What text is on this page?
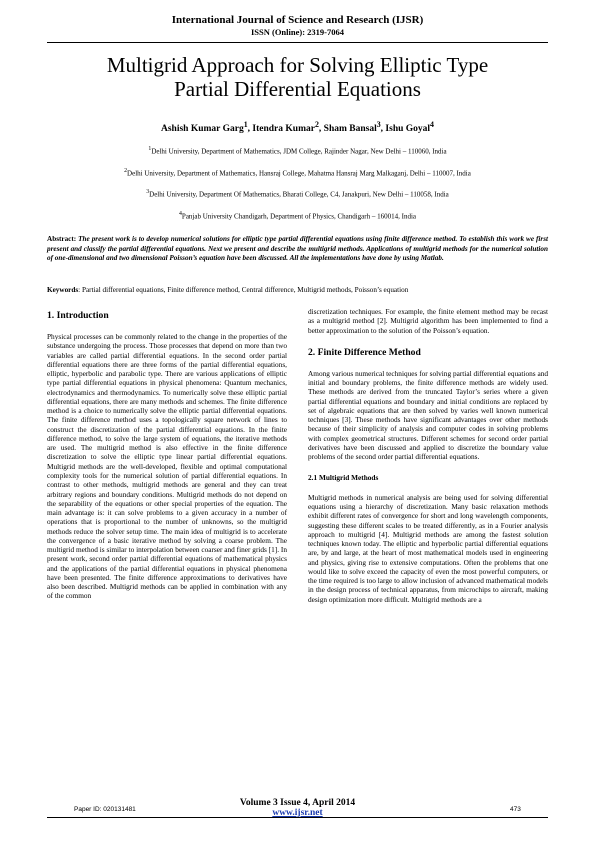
International Journal of Science and Research (IJSR)
ISSN (Online): 2319-7064
Multigrid Approach for Solving Elliptic Type
Partial Differential Equations
Ashish Kumar Garg$^1$, Itendra Kumar$^2$, Sham Bansal$^3$, Ishu Goyal$^4$
$^1$Delhi University, Department of Mathematics, JDM College, Rajinder Nagar, New Delhi – 110060, India
$^2$Delhi University, Department of Mathematics, Hansraj College, Mahatma Hansraj Marg Malkaganj, Delhi – 110007, India
$^3$Delhi University, Department Of Mathematics, Bharati College, C4, Janakpuri, New Delhi – 110058, India
$^4$Panjab University Chandigarh, Department of Physics, Chandigarh – 160014, India
Abstract: The present work is to develop numerical solutions for elliptic type partial differential equations using finite difference method. To establish this work we first present and classify the partial differential equations. Next we present and describe the multigrid methods. Applications of multigrid methods for the numerical solution of one-dimensional and two dimensional Poisson’s equation have been discussed. All the implementations have done by using Matlab.
Keywords: Partial differential equations, Finite difference method, Central difference, Multigrid methods, Poisson’s equation
1. Introduction

Physical processes can be commonly related to the change in the properties of the substance undergoing the process. Those processes that depend on more than two variables are called partial differential equations. In the second order partial differential equations there are three forms of the partial differential equations, elliptic, hyperbolic and parabolic type. There are various applications of elliptic type partial differential equations in physical phenomena: Quantum mechanics, electrodynamics and thermodynamics. To numerically solve these elliptic partial differential equations, there are many methods and schemes. The finite difference method is a choice to numerically solve the elliptic partial differential equations. The finite difference method uses a topologically square network of lines to construct the discretization of the partial differential equations. In the finite difference method, to solve the large system of equations, the iterative methods are used. The multigrid method is also effective in the finite difference discretization to solve the elliptic type linear partial differential equations. Multigrid methods are the well-developed, flexible and optimal computational complexity tools for the numerical solution of partial differential equations. In contrast to other methods, multigrid methods are general and they can treat arbitrary regions and boundary conditions. Multigrid methods do not depend on the separability of the equations or other special properties of the equation. The main advantage is: it can solve problems to a given accuracy in a number of operations that is proportional to the number of unknowns, so the multigrid methods reduce the solver setup time. The main idea of multigrid is to accelerate the convergence of a basic iterative method by solving a coarse problem. The multigrid method is similar to interpolation between coarser and finer grids [1]. In present work, second order partial differential equations of mathematical physics and the applications of the partial differential equations in physical phenomena have been presented. The finite difference approximations to derivatives have also been described. Multigrid methods can be applied in combination with any of the common

discretization techniques. For example, the finite element method may be recast as a multigrid method [2]. Multigrid algorithm has been implemented to find a better approximation to the solution of the Poisson’s equation.

2. Finite Difference Method

Among various numerical techniques for solving partial differential equations and initial and boundary problems, the finite difference methods are widely used. These methods are derived from the truncated Taylor’s series where a given partial differential equations and boundary and initial conditions are replaced by set of algebraic equations that are then solved by varies well known numerical techniques [3]. These methods have significant advantages over other methods because of their simplicity of analysis and computer codes in solving problems with complex geometrical structures. Different schemes for second order partial derivatives have been discussed and applied to discretize the boundary value problems of the second order partial differential equations.

2.1 Multigrid Methods

Multigrid methods in numerical analysis are being used for solving differential equations using a hierarchy of discretization. Many basic relaxation methods exhibit different rates of convergence for short and long wavelength components, suggesting these different scales to be treated differently, as in a Fourier analysis approach to multigrid [4]. Multigrid methods are among the fastest solution techniques known today. The elliptic and hyperbolic partial differential equations are, by and large, at the heart of most mathematical models used in engineering and physics, giving rise to extensive computations. Often the problems that one would like to solve exceed the capacity of even the most powerful computers, or the time required is too large to allow inclusion of advanced mathematical models in the design process of technical apparatus, from microchips to aircraft, making design optimization more difficult. Multigrid methods are a

Volume 3 Issue 4, April 2014
Paper ID: 020131481	473
www.ijsr.net
